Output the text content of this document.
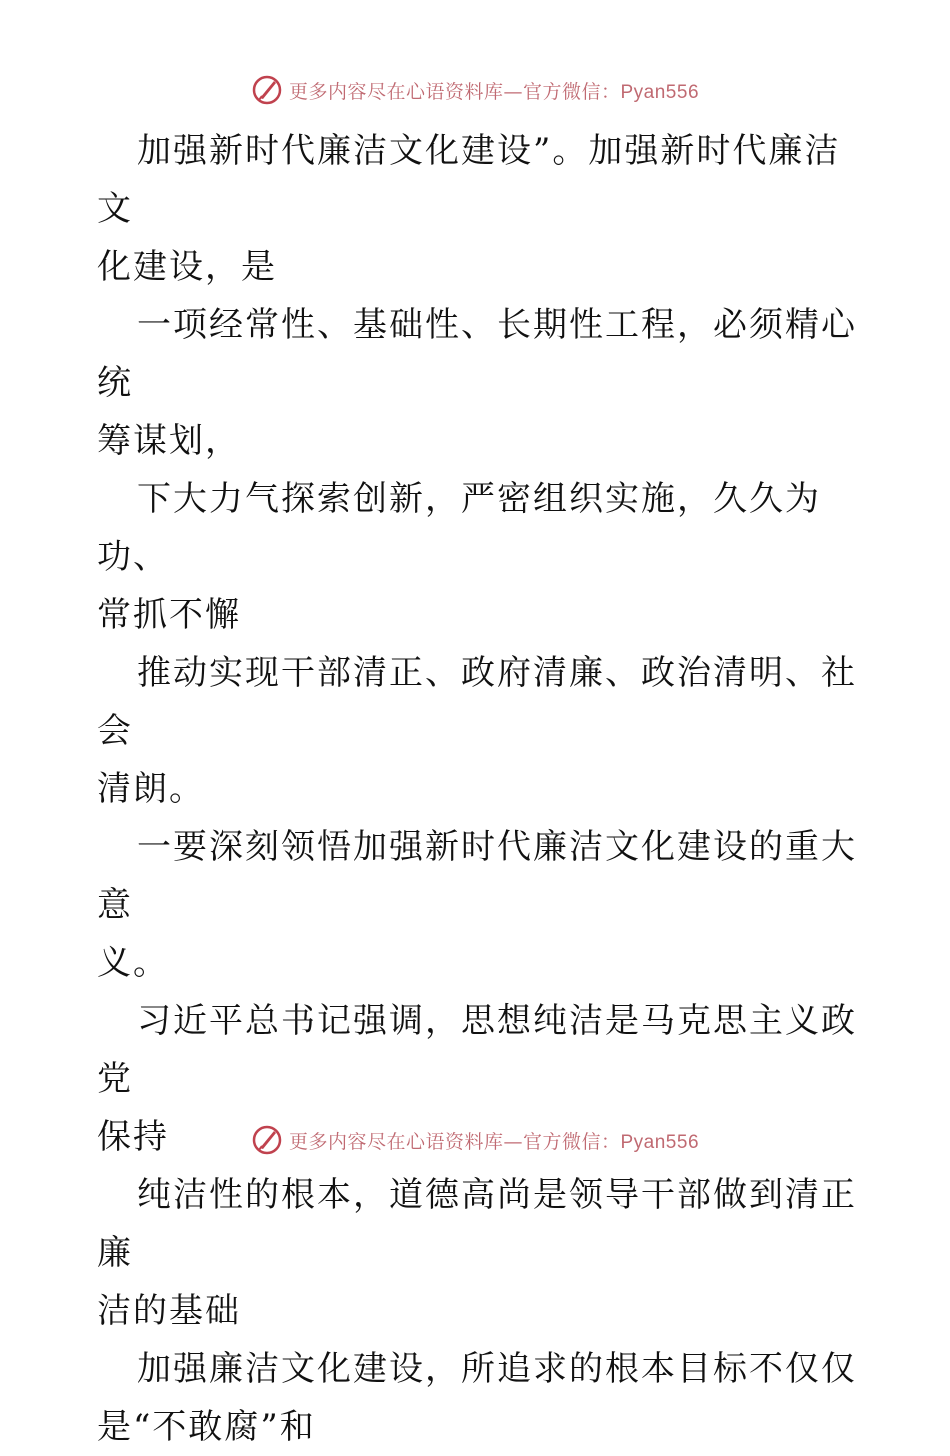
更多内容尽在心语资料库—官方微信：Pyan556

加强新时代廉洁文化建设”。加强新时代廉洁文
化建设，是

一项经常性、基础性、长期性工程，必须精心统
筹谋划，

下大力气探索创新，严密组织实施，久久为功、
常抓不懈

推动实现干部清正、政府清廉、政治清明、社会
清朗。

一要深刻领悟加强新时代廉洁文化建设的重大意
义。

习近平总书记强调，思想纯洁是马克思主义政党
保持

纯洁性的根本，道德高尚是领导干部做到清正廉
洁的基础

加强廉洁文化建设，所追求的根本目标不仅仅
是“不敢腐”和

更多内容尽在心语资料库—官方微信：Pyan556
